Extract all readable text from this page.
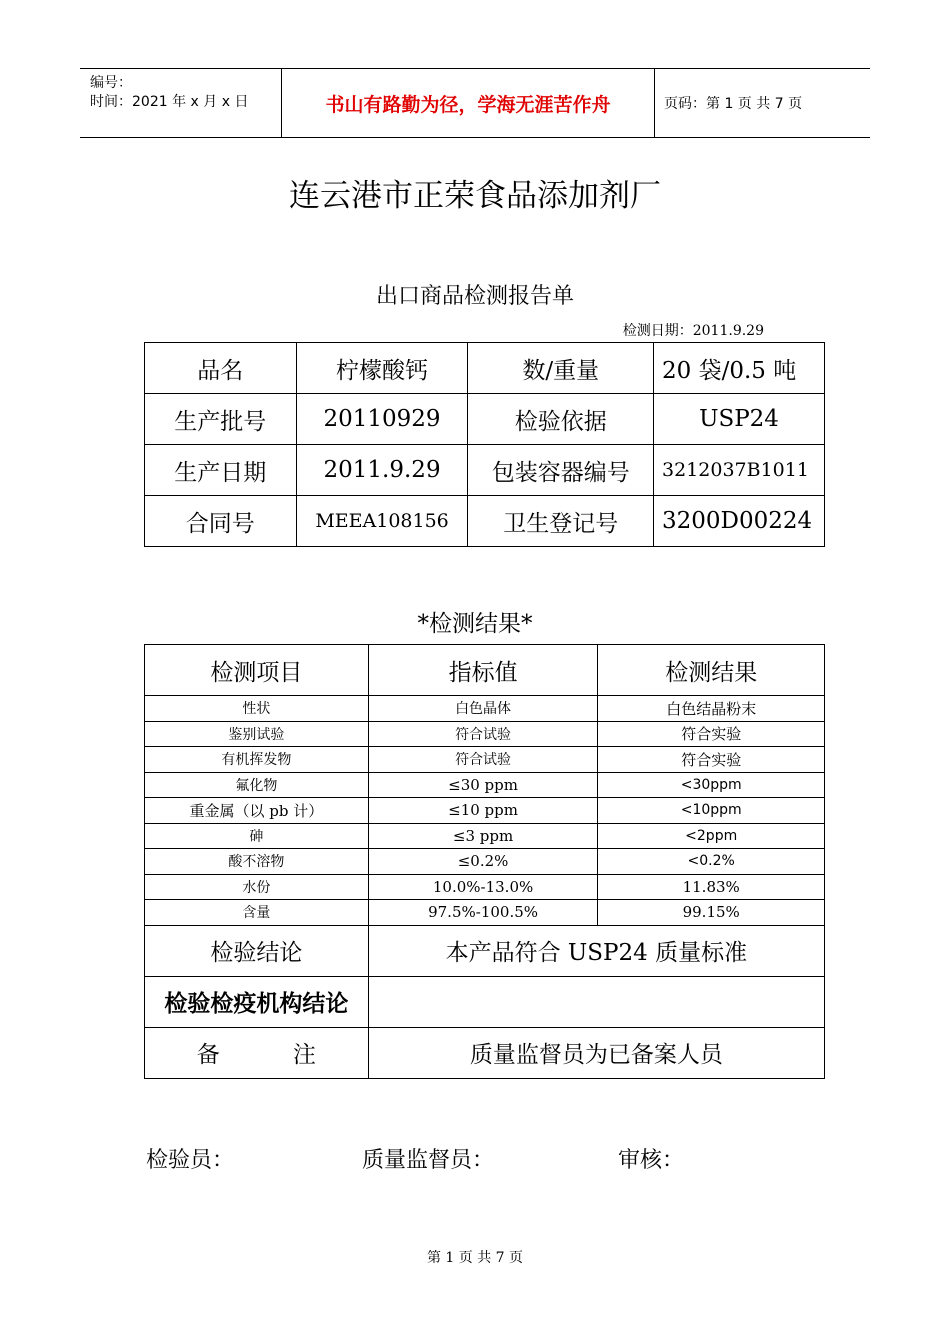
编号：
时间：2021 年 x 月 x 日	书山有路勤为径，学海无涯苦作舟	页码：第 1 页 共 7 页
连云港市正荣食品添加剂厂
出口商品检测报告单
检测日期：2011.9.29
品名	柠檬酸钙	数/重量	20 袋/0.5 吨
生产批号	20110929	检验依据	USP24
生产日期	2011.9.29	包装容器编号	3212037B1011
合同号	MEEA108156	卫生登记号	3200D00224
*检测结果*
检测项目	指标值	检测结果
性状	白色晶体	白色结晶粉末
鉴别试验	符合试验	符合实验
有机挥发物	符合试验	符合实验
氟化物	≤30 ppm	<30ppm
重金属（以 pb 计）	≤10 ppm	<10ppm
砷	≤3 ppm	<2ppm
酸不溶物	≤0.2%	<0.2%
水份	10.0%-13.0%	11.83%
含量	97.5%-100.5%	99.15%
检验结论	本产品符合 USP24 质量标准	
检验检疫机构结论		
备          注	质量监督员为已备案人员	
检验员：	质量监督员：	审核：
第 1 页 共 7 页
